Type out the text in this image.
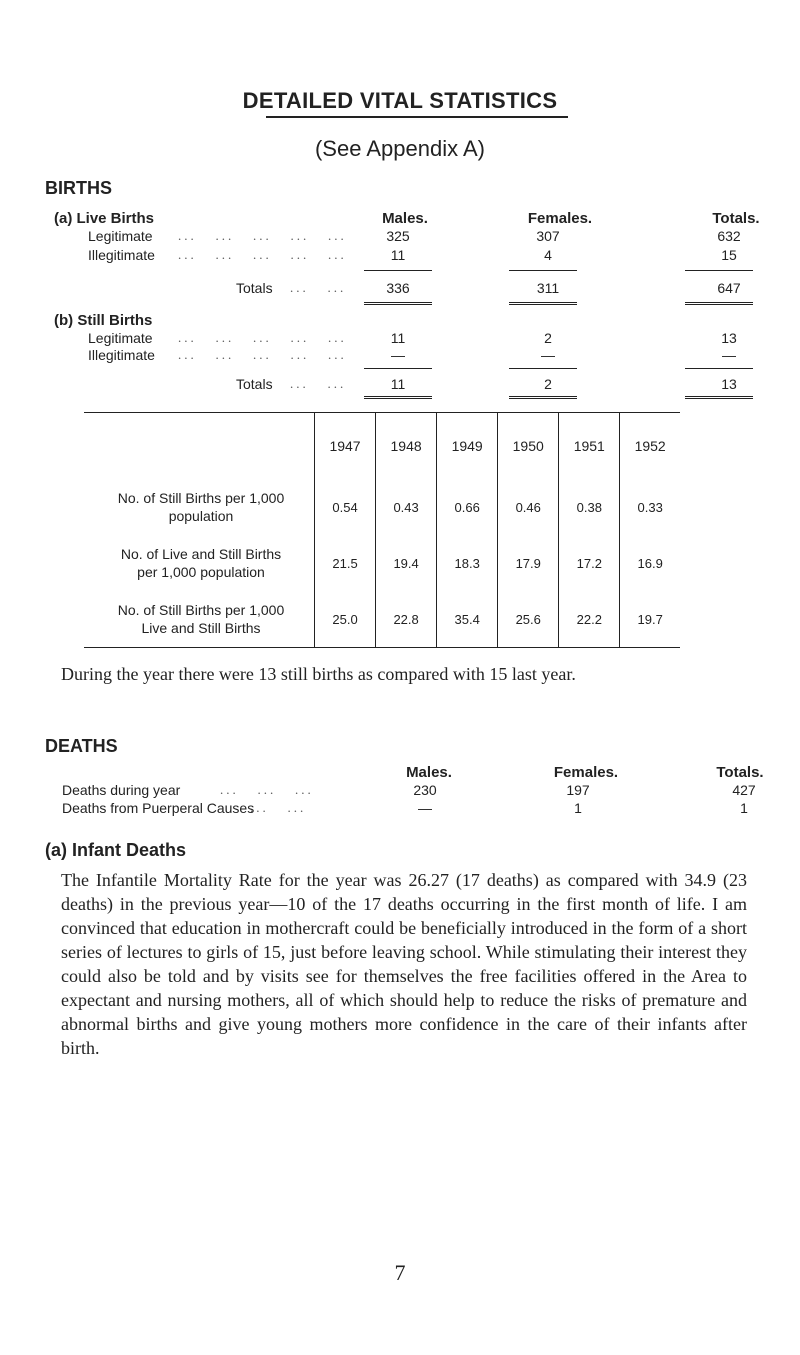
DETAILED VITAL STATISTICS
(See Appendix A)
BIRTHS
(a) Live Births	Males.	Females.	Totals.
Legitimate ...   ...   ...   ...   ...	325	307	632
Illegitimate ...   ...   ...   ...   ...	11	4	15
Totals ...   ...	336	311	647
(b) Still Births
Legitimate ...   ...   ...   ...   ...	11	2	13
Illegitimate ...   ...   ...   ...   ...	—	—	—
Totals ...   ...	11	2	13
	1947	1948	1949	1950	1951	1952

No. of Still Births per 1,000
population	0.54	0.43	0.66	0.46	0.38	0.33

No. of Live and Still Births
per 1,000 population	21.5	19.4	18.3	17.9	17.2	16.9

No. of Still Births per 1,000
Live and Still Births	25.0	22.8	35.4	25.6	22.2	19.7
During the year there were 13 still births as compared with 15 last year.
DEATHS
Males.	Females.	Totals.
Deaths during year	...   ...   ...	230	197	427
Deaths from Puerperal Causes
...   ...	—	1	1
(a) Infant Deaths
The Infantile Mortality Rate for the year was 26.27 (17 deaths) as compared with 34.9 (23 deaths) in the previous year—10 of the 17 deaths occurring in the first month of life. I am convinced that education in mothercraft could be beneficially introduced in the form of a short series of lectures to girls of 15, just before leaving school. While stimulating their interest they could also be told and by visits see for themselves the free facilities offered in the Area to expectant and nursing mothers, all of which should help to reduce the risks of premature and abnormal births and give young mothers more confidence in the care of their infants after birth.
7
